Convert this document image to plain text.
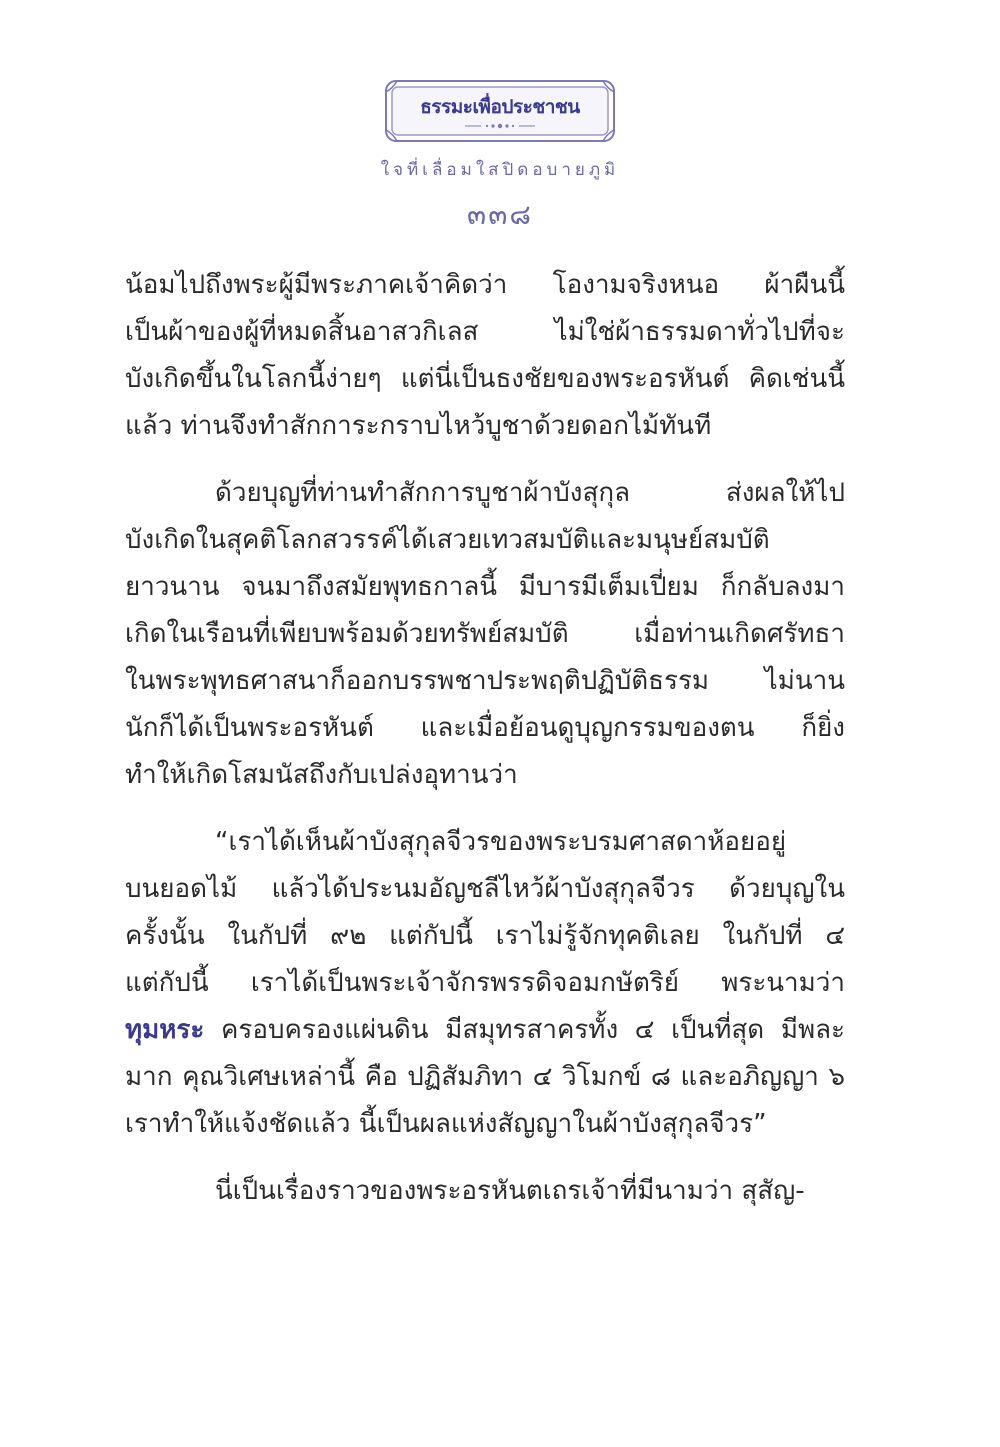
ธรรมะเพื่อประชาชน
ใจที่เลื่อมใสปิดอบายภูมิ
๓๓๘
น้อมไปถึงพระผู้มีพระภาคเจ้าคิดว่า โองามจริงหนอ ผ้าผืนนี้
เป็นผ้าของผู้ที่หมดสิ้นอาสวกิเลส ไม่ใช่ผ้าธรรมดาทั่วไปที่จะ
บังเกิดขึ้นในโลกนี้ง่ายๆ แต่นี่เป็นธงชัยของพระอรหันต์ คิดเช่นนี้
แล้ว ท่านจึงทำสักการะกราบไหว้บูชาด้วยดอกไม้ทันที
ด้วยบุญที่ท่านทำสักการบูชาผ้าบังสุกุล ส่งผลให้ไป
บังเกิดในสุคติโลกสวรรค์ได้เสวยเทวสมบัติและมนุษย์สมบัติ
ยาวนาน จนมาถึงสมัยพุทธกาลนี้ มีบารมีเต็มเปี่ยม ก็กลับลงมา
เกิดในเรือนที่เพียบพร้อมด้วยทรัพย์สมบัติ เมื่อท่านเกิดศรัทธา
ในพระพุทธศาสนาก็ออกบรรพชาประพฤติปฏิบัติธรรม ไม่นาน
นักก็ได้เป็นพระอรหันต์ และเมื่อย้อนดูบุญกรรมของตน ก็ยิ่ง
ทำให้เกิดโสมนัสถึงกับเปล่งอุทานว่า
“เราได้เห็นผ้าบังสุกุลจีวรของพระบรมศาสดาห้อยอยู่
บนยอดไม้ แล้วได้ประนมอัญชลีไหว้ผ้าบังสุกุลจีวร ด้วยบุญใน
ครั้งนั้น ในกัปที่ ๙๒ แต่กัปนี้ เราไม่รู้จักทุคติเลย ในกัปที่ ๔
แต่กัปนี้ เราได้เป็นพระเจ้าจักรพรรดิจอมกษัตริย์ พระนามว่า
ทุมหระ ครอบครองแผ่นดิน มีสมุทรสาครทั้ง ๔ เป็นที่สุด มีพละ
มาก คุณวิเศษเหล่านี้ คือ ปฏิสัมภิทา ๔ วิโมกข์ ๘ และอภิญญา ๖
เราทำให้แจ้งชัดแล้ว นี้เป็นผลแห่งสัญญาในผ้าบังสุกุลจีวร”
นี่เป็นเรื่องราวของพระอรหันตเถรเจ้าที่มีนามว่า สุสัญ-
